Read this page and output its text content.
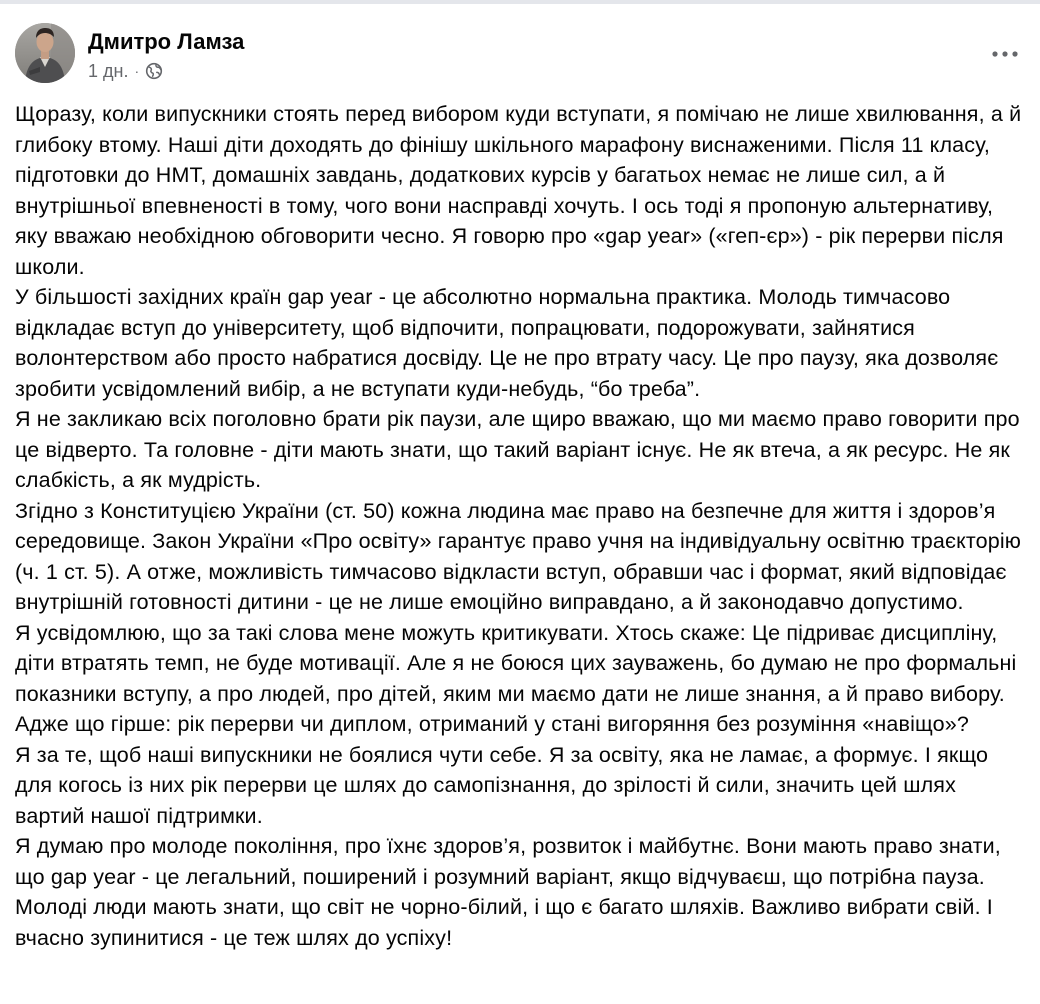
Дмитро Ламза
1 дн. ·

Щоразу, коли випускники стоять перед вибором куди вступати, я помічаю не лише хвилювання, а й глибоку втому. Наші діти доходять до фінішу шкільного марафону виснаженими. Після 11 класу, підготовки до НМТ, домашніх завдань, додаткових курсів у багатьох немає не лише сил, а й внутрішньої впевненості в тому, чого вони насправді хочуть. І ось тоді я пропоную альтернативу, яку вважаю необхідною обговорити чесно. Я говорю про «gap year» («геп-єр») - рік перерви після школи.

У більшості західних країн gap year - це абсолютно нормальна практика. Молодь тимчасово відкладає вступ до університету, щоб відпочити, попрацювати, подорожувати, зайнятися волонтерством або просто набратися досвіду. Це не про втрату часу. Це про паузу, яка дозволяє зробити усвідомлений вибір, а не вступати куди-небудь, “бо треба”.

Я не закликаю всіх поголовно брати рік паузи, але щиро вважаю, що ми маємо право говорити про це відверто. Та головне - діти мають знати, що такий варіант існує. Не як втеча, а як ресурс. Не як слабкість, а як мудрість.

Згідно з Конституцією України (ст. 50) кожна людина має право на безпечне для життя і здоров’я середовище. Закон України «Про освіту» гарантує право учня на індивідуальну освітню траєкторію (ч. 1 ст. 5). А отже, можливість тимчасово відкласти вступ, обравши час і формат, який відповідає внутрішній готовності дитини - це не лише емоційно виправдано, а й законодавчо допустимо.

Я усвідомлюю, що за такі слова мене можуть критикувати. Хтось скаже: Це підриває дисципліну, діти втратять темп, не буде мотивації. Але я не боюся цих зауважень, бо думаю не про формальні показники вступу, а про людей, про дітей, яким ми маємо дати не лише знання, а й право вибору. Адже що гірше: рік перерви чи диплом, отриманий у стані вигоряння без розуміння «навіщо»?

Я за те, щоб наші випускники не боялися чути себе. Я за освіту, яка не ламає, а формує. І якщо для когось із них рік перерви це шлях до самопізнання, до зрілості й сили, значить цей шлях вартий нашої підтримки.

Я думаю про молоде покоління, про їхнє здоров’я, розвиток і майбутнє. Вони мають право знати, що gap year - це легальний, поширений і розумний варіант, якщо відчуваєш, що потрібна пауза. Молоді люди мають знати, що світ не чорно-білий, і що є багато шляхів. Важливо вибрати свій. І вчасно зупинитися - це теж шлях до успіху!
